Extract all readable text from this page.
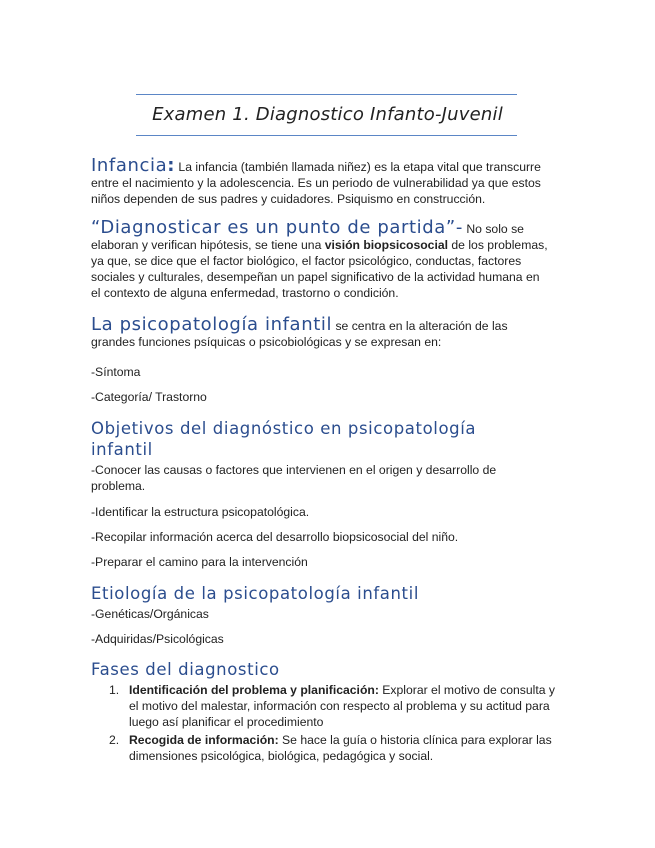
Examen 1. Diagnostico Infanto-Juvenil
Infancia: La infancia (también llamada niñez) es la etapa vital que transcurre entre el nacimiento y la adolescencia. Es un periodo de vulnerabilidad ya que estos niños dependen de sus padres y cuidadores. Psiquismo en construcción.
“Diagnosticar es un punto de partida”- No solo se elaboran y verifican hipótesis, se tiene una visión biopsicosocial de los problemas, ya que, se dice que el factor biológico, el factor psicológico, conductas, factores sociales y culturales, desempeñan un papel significativo de la actividad humana en el contexto de alguna enfermedad, trastorno o condición.
La psicopatología infantil se centra en la alteración de las grandes funciones psíquicas o psicobiológicas y se expresan en:
-Síntoma
-Categoría/ Trastorno
Objetivos del diagnóstico en psicopatología infantil
-Conocer las causas o factores que intervienen en el origen y desarrollo de problema.
-Identificar la estructura psicopatológica.
-Recopilar información acerca del desarrollo biopsicosocial del niño.
-Preparar el camino para la intervención
Etiología de la psicopatología infantil
-Genéticas/Orgánicas
-Adquiridas/Psicológicas
Fases del diagnostico
1. Identificación del problema y planificación: Explorar el motivo de consulta y el motivo del malestar, información con respecto al problema y su actitud para luego así planificar el procedimiento
2. Recogida de información: Se hace la guía o historia clínica para explorar las dimensiones psicológica, biológica, pedagógica y social.
